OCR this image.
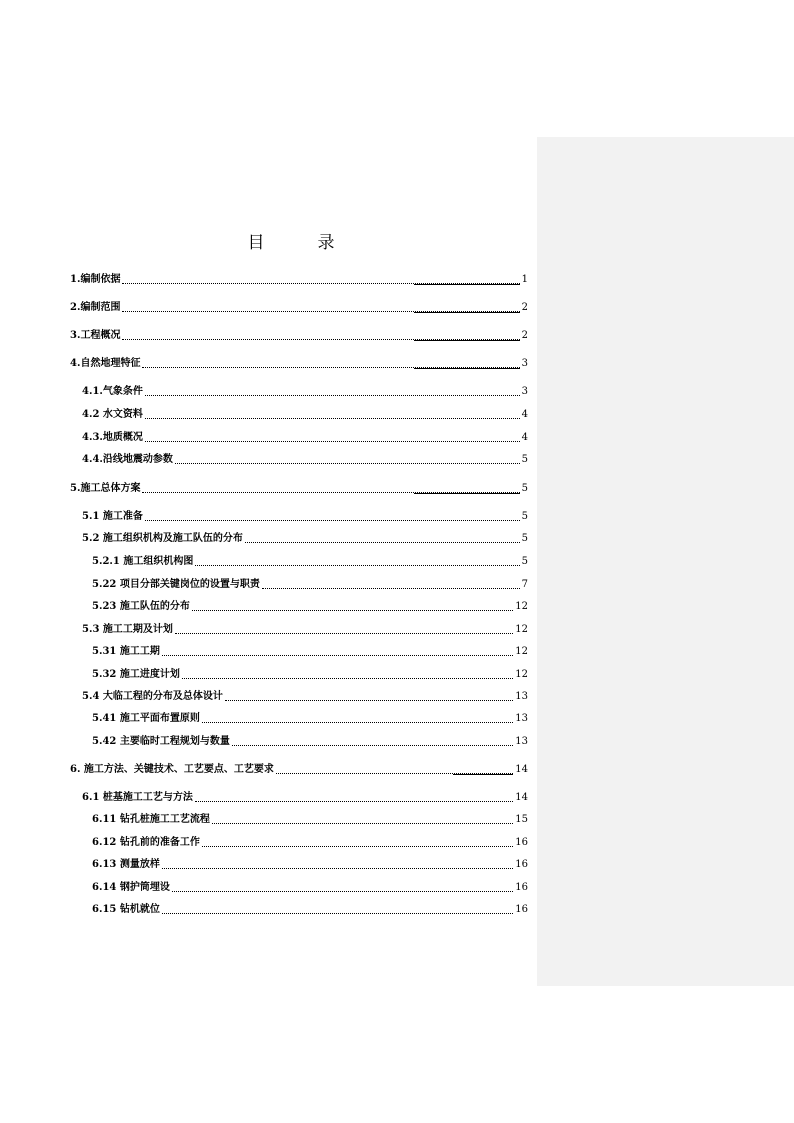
目　录
1.编制依据	1
2.编制范围	2
3.工程概况	2
4.自然地理特征	3
4.1.气象条件	3
4.2 水文资料	4
4.3.地质概况	4
4.4.沿线地震动参数	5
5.施工总体方案	5
5.1 施工准备	5
5.2 施工组织机构及施工队伍的分布	5
5.2.1 施工组织机构图	5
5.22 项目分部关键岗位的设置与职责	7
5.23 施工队伍的分布	12
5.3 施工工期及计划	12
5.31 施工工期	12
5.32 施工进度计划	12
5.4 大临工程的分布及总体设计	13
5.41 施工平面布置原则	13
5.42 主要临时工程规划与数量	13
6. 施工方法、关键技术、工艺要点、工艺要求	14
6.1 桩基施工工艺与方法	14
6.11 钻孔桩施工工艺流程	15
6.12 钻孔前的准备工作	16
6.13 测量放样	16
6.14 钢护筒埋设	16
6.15 钻机就位	16
